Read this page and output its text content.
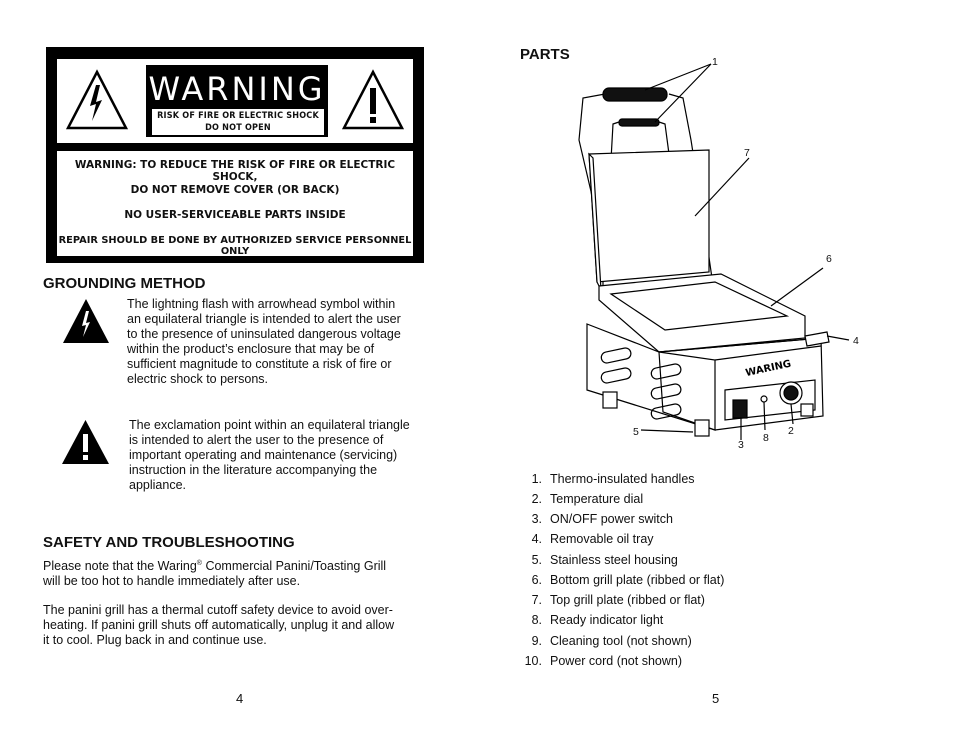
WARNING
RISK OF FIRE OR ELECTRIC SHOCK
DO NOT OPEN
WARNING: TO REDUCE THE RISK OF FIRE OR ELECTRIC SHOCK,
DO NOT REMOVE COVER (OR BACK)
NO USER-SERVICEABLE PARTS INSIDE
REPAIR SHOULD BE DONE BY AUTHORIZED SERVICE PERSONNEL ONLY
GROUNDING METHOD
The lightning flash with arrowhead symbol within
an equilateral triangle is intended to alert the user
to the presence of uninsulated dangerous voltage
within the product’s enclosure that may be of
sufficient magnitude to constitute a risk of fire or
electric shock to persons.
The exclamation point within an equilateral triangle
is intended to alert the user to the presence of
important operating and maintenance (servicing)
instruction in the literature accompanying the
appliance.
SAFETY AND TROUBLESHOOTING
Please note that the Waring® Commercial Panini/Toasting Grill
will be too hot to handle immediately after use.
The panini grill has a thermal cutoff safety device to avoid over-
heating. If panini grill shuts off automatically, unplug it and allow
it to cool. Plug back in and continue use.
4
PARTS
WARING
1
7
6
4
5
3
8
2
1. Thermo-insulated handles
2. Temperature dial
3. ON/OFF power switch
4. Removable oil tray
5. Stainless steel housing
6. Bottom grill plate (ribbed or flat)
7. Top grill plate (ribbed or flat)
8. Ready indicator light
9. Cleaning tool (not shown)
10. Power cord (not shown)
5
